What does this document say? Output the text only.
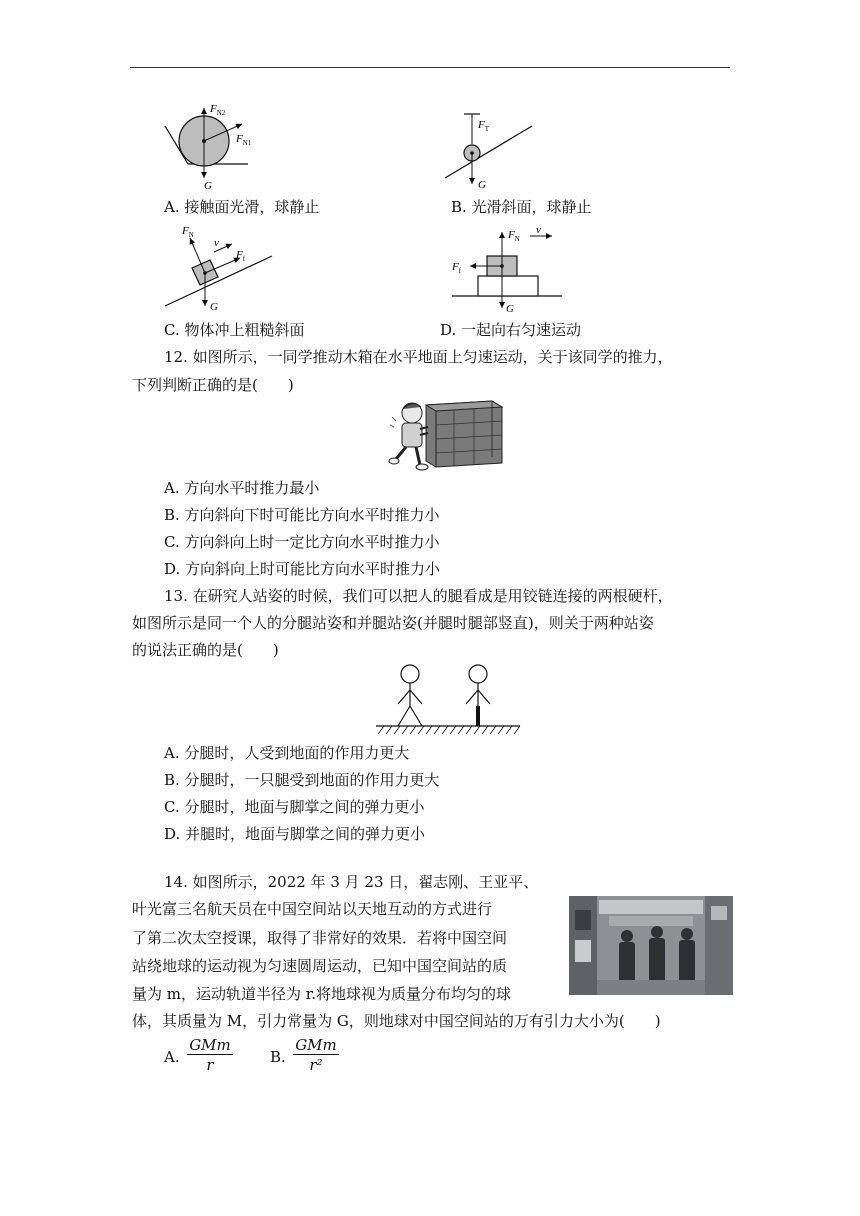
$F_{N2}$
$F_{N1}$
G
A. 接触面光滑，球静止
$F_T$
G
B. 光滑斜面，球静止
$F_N$
v
$F_f$
G
C. 物体冲上粗糙斜面
$F_N$
v
$F_f$
G
D. 一起向右匀速运动
12. 如图所示，一同学推动木箱在水平地面上匀速运动，关于该同学的推力，
下列判断正确的是(　　)
A. 方向水平时推力最小
B. 方向斜向下时可能比方向水平时推力小
C. 方向斜向上时一定比方向水平时推力小
D. 方向斜向上时可能比方向水平时推力小
13. 在研究人站姿的时候，我们可以把人的腿看成是用铰链连接的两根硬杆，
如图所示是同一个人的分腿站姿和并腿站姿(并腿时腿部竖直)，则关于两种站姿
的说法正确的是(　　)
A. 分腿时，人受到地面的作用力更大
B. 分腿时，一只腿受到地面的作用力更大
C. 分腿时，地面与脚掌之间的弹力更小
D. 并腿时，地面与脚掌之间的弹力更小
14. 如图所示，2022 年 3 月 23 日，翟志刚、王亚平、
叶光富三名航天员在中国空间站以天地互动的方式进行
了第二次太空授课，取得了非常好的效果．若将中国空间
站绕地球的运动视为匀速圆周运动，已知中国空间站的质
量为 m，运动轨道半径为 r.将地球视为质量分布均匀的球
体，其质量为 M，引力常量为 G，则地球对中国空间站的万有引力大小为(　　)
A.
GMm
r	B.
GMm
r²
